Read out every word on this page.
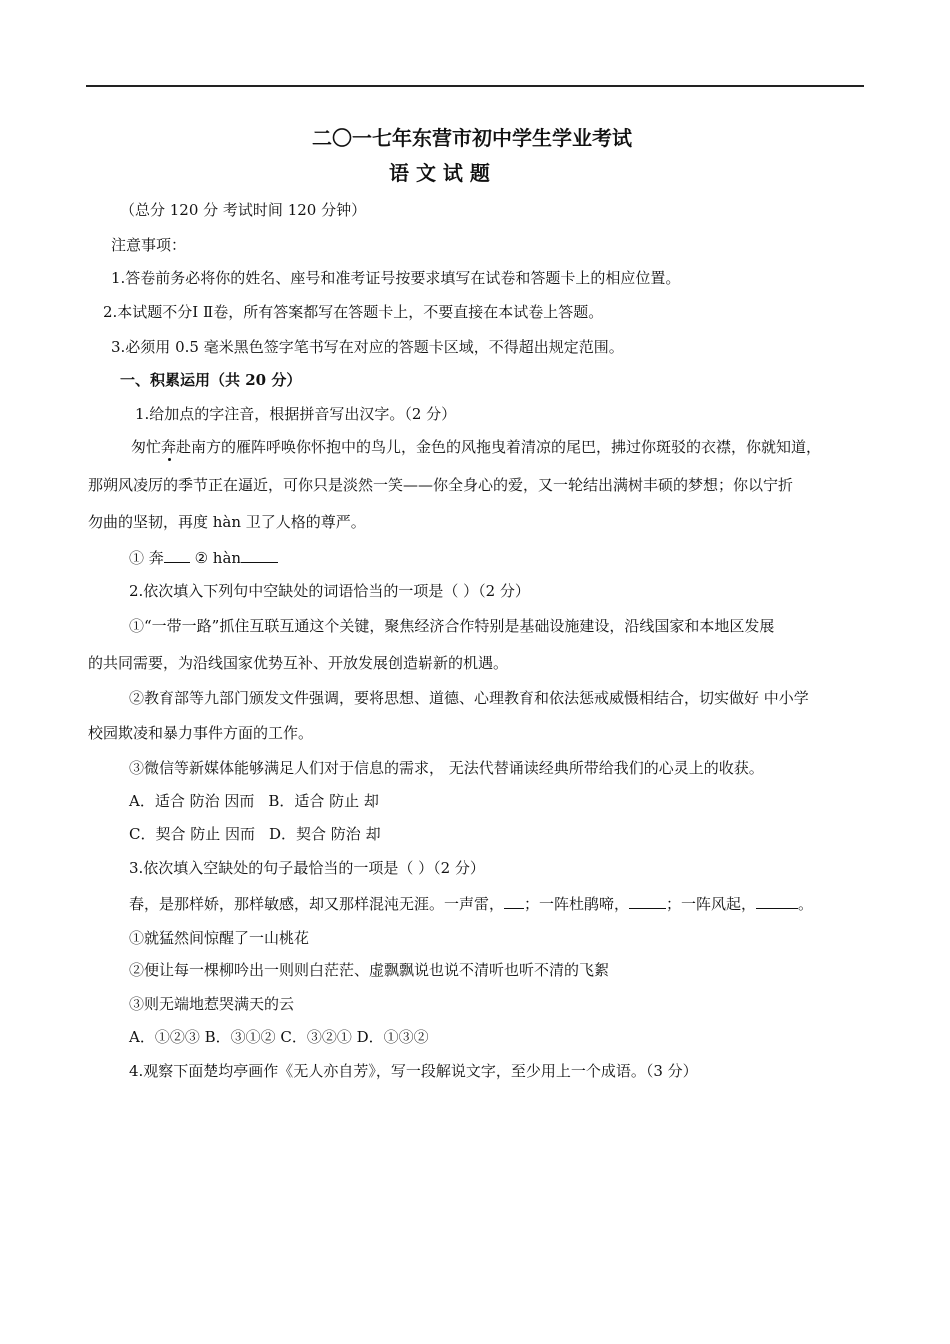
二〇一七年东营市初中学生学业考试
语 文 试 题
（总分 120 分 考试时间 120 分钟）
注意事项：
1.答卷前务必将你的姓名、座号和准考证号按要求填写在试卷和答题卡上的相应位置。
2.本试题不分Ⅰ Ⅱ卷，所有答案都写在答题卡上，不要直接在本试卷上答题。
3.必须用 0.5 毫米黑色签字笔书写在对应的答题卡区域，不得超出规定范围。
一、积累运用（共 20 分）
1.给加点的字注音，根据拼音写出汉字。（2 分）
匆忙奔赴南方的雁阵呼唤你怀抱中的鸟儿，金色的风拖曳着清凉的尾巴，拂过你斑驳的衣襟，你就知道，
那朔风凌厉的季节正在逼近，可你只是淡然一笑——你全身心的爱，又一轮结出满树丰硕的梦想；你以宁折
勿曲的坚韧，再度 hàn 卫了人格的尊严。
① 奔 ② hàn
2.依次填入下列句中空缺处的词语恰当的一项是（ ）（2 分）
①“一带一路”抓住互联互通这个关键，聚焦经济合作特别是基础设施建设，沿线国家和本地区发展
的共同需要，为沿线国家优势互补、开放发展创造崭新的机遇。
②教育部等九部门颁发文件强调，要将思想、道德、心理教育和依法惩戒威慑相结合，切实做好 中小学
校园欺凌和暴力事件方面的工作。
③微信等新媒体能够满足人们对于信息的需求， 无法代替诵读经典所带给我们的心灵上的收获。
A．适合 防治 因而 B．适合 防止 却
C．契合 防止 因而 D．契合 防治 却
3.依次填入空缺处的句子最恰当的一项是（ ）（2 分）
春，是那样娇，那样敏感，却又那样混沌无涯。一声雷， ；一阵杜鹃啼， ；一阵风起，	。
①就猛然间惊醒了一山桃花
②便让每一棵柳吟出一则则白茫茫、虚飘飘说也说不清听也听不清的飞絮
③则无端地惹哭满天的云
A．①②③ B．③①② C．③②① D．①③②
4.观察下面楚均亭画作《无人亦自芳》，写一段解说文字，至少用上一个成语。（3 分）
